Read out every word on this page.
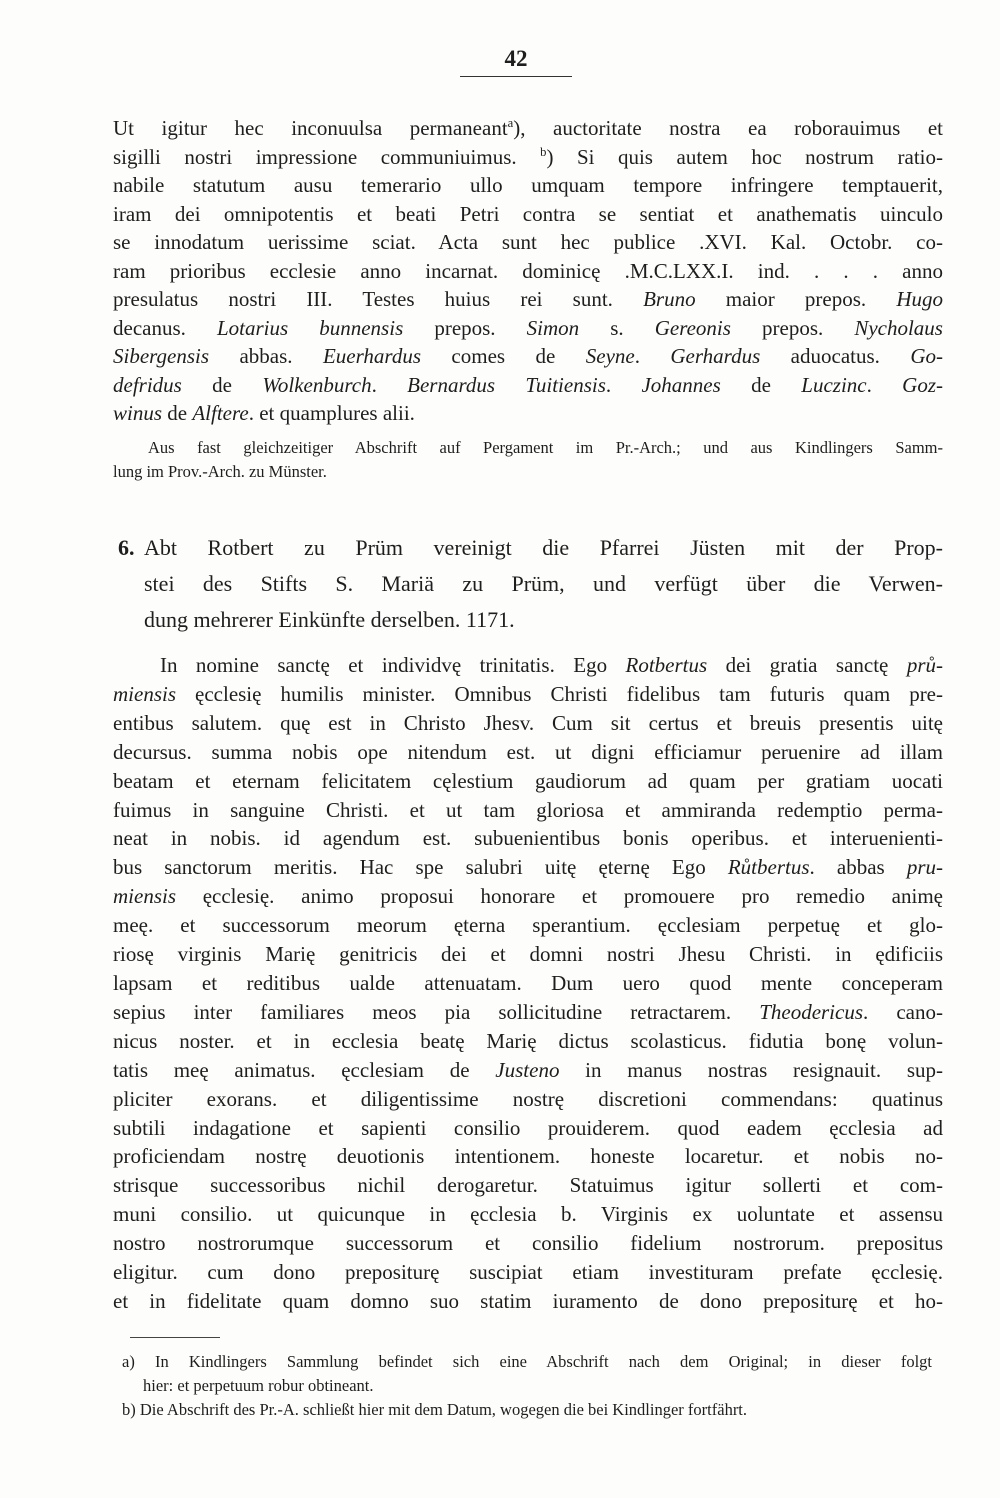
42
Ut igitur hec inconuulsa permaneant$^a$), auctoritate nostra ea roborauimus et
sigilli nostri impressione communiuimus. $^b$) Si quis autem hoc nostrum ratio-
nabile statutum ausu temerario ullo umquam tempore infringere temptauerit,
iram dei omnipotentis et beati Petri contra se sentiat et anathematis uinculo
se innodatum uerissime sciat. Acta sunt hec publice .XVI. Kal. Octobr. co-
ram prioribus ecclesie anno incarnat. dominicę .M.C.LXX.I. ind. . . . anno
presulatus nostri III. Testes huius rei sunt. Bruno maior prepos. Hugo
decanus. Lotarius bunnensis prepos. Simon s. Gereonis prepos. Nycholaus
Sibergensis abbas. Euerhardus comes de Seyne. Gerhardus aduocatus. Go-
defridus de Wolkenburch. Bernardus Tuitiensis. Johannes de Luczinc. Goz-
winus de Alftere. et quamplures alii.
Aus fast gleichzeitiger Abschrift auf Pergament im Pr.-Arch.; und aus Kindlingers Samm-
lung im Prov.-Arch. zu Münster.
6. Abt Rotbert zu Prüm vereinigt die Pfarrei Jüsten mit der Prop-
stei des Stifts S. Mariä zu Prüm, und verfügt über die Verwen-
dung mehrerer Einkünfte derselben. 1171.
In nomine sanctę et individvę trinitatis. Ego Rotbertus dei gratia sanctę prů-
miensis ęcclesię humilis minister. Omnibus Christi fidelibus tam futuris quam pre-
entibus salutem. quę est in Christo Jhesv. Cum sit certus et breuis presentis uitę
decursus. summa nobis ope nitendum est. ut digni efficiamur peruenire ad illam
beatam et eternam felicitatem cęlestium gaudiorum ad quam per gratiam uocati
fuimus in sanguine Christi. et ut tam gloriosa et ammiranda redemptio perma-
neat in nobis. id agendum est. subuenientibus bonis operibus. et interuenienti-
bus sanctorum meritis. Hac spe salubri uitę ęternę Ego Růtbertus. abbas pru-
miensis ęcclesię. animo proposui honorare et promouere pro remedio animę
meę. et successorum meorum ęterna sperantium. ęcclesiam perpetuę et glo-
riosę virginis Marię genitricis dei et domni nostri Jhesu Christi. in ędificiis
lapsam et reditibus ualde attenuatam. Dum uero quod mente conceperam
sepius inter familiares meos pia sollicitudine retractarem. Theodericus. cano-
nicus noster. et in ecclesia beatę Marię dictus scolasticus. fidutia bonę volun-
tatis meę animatus. ęcclesiam de Justeno in manus nostras resignauit. sup-
pliciter exorans. et diligentissime nostrę discretioni commendans: quatinus
subtili indagatione et sapienti consilio prouiderem. quod eadem ęcclesia ad
proficiendam nostrę deuotionis intentionem. honeste locaretur. et nobis no-
strisque successoribus nichil derogaretur. Statuimus igitur sollerti et com-
muni consilio. ut quicunque in ęcclesia b. Virginis ex uoluntate et assensu
nostro nostrorumque successorum et consilio fidelium nostrorum. prepositus
eligitur. cum dono prepositurę suscipiat etiam investituram prefate ęcclesię.
et in fidelitate quam domno suo statim iuramento de dono prepositurę et ho-
a) In Kindlingers Sammlung befindet sich eine Abschrift nach dem Original; in dieser folgt
hier: et perpetuum robur obtineant.
b) Die Abschrift des Pr.-A. schließt hier mit dem Datum, wogegen die bei Kindlinger fortfährt.
